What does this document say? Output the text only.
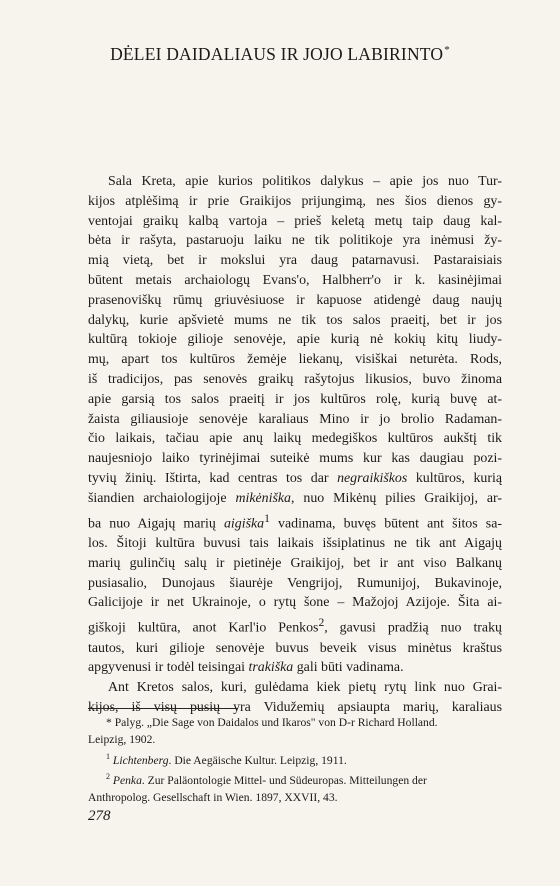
DĖLEI DAIDALIAUS IR JOJO LABIRINTO*

Sala Kreta, apie kurios politikos dalykus – apie jos nuo Tur-
kijos atplėšimą ir prie Graikijos prijungimą, nes šios dienos gy-
ventojai graikų kalbą vartoja – prieš keletą metų taip daug kal-
bėta ir rašyta, pastaruoju laiku ne tik politikoje yra inėmusi žy-
mią vietą, bet ir mokslui yra daug patarnavusi. Pastaraisiais
būtent metais archaiologų Evans'o, Halbherr'o ir k. kasinėjimai
prasenoviškų rūmų griuvėsiuose ir kapuose atidengė daug naujų
dalykų, kurie apšvietė mums ne tik tos salos praeitį, bet ir jos
kultūrą tokioje gilioje senovėje, apie kurią nė kokių kitų liudy-
mų, apart tos kultūros žemėje liekanų, visiškai neturėta. Rods,
iš tradicijos, pas senovės graikų rašytojus likusios, buvo žinoma
apie garsią tos salos praeitį ir jos kultūros rolę, kurią buvę at-
žaista giliausioje senovėje karaliaus Mino ir jo brolio Radaman-
čio laikais, tačiau apie anų laikų medegiškos kultūros aukštį tik
naujesniojo laiko tyrinėjimai suteikė mums kur kas daugiau pozi-
tyvių žinių. Ištirta, kad centras tos dar negraikiškos kultūros, kurią
šiandien archaiologijoje mikėniška, nuo Mikėnų pilies Graikijoj, ar-
ba nuo Aigajų marių aigiška$^1$ vadinama, buvęs būtent ant šitos sa-
los. Šitoji kultūra buvusi tais laikais išsiplatinus ne tik ant Aigajų
marių gulinčių salų ir pietinėje Graikijoj, bet ir ant viso Balkanų
pusiasalio, Dunojaus šiaurėje Vengrijoj, Rumunijoj, Bukavinoje,
Galicijoje ir net Ukrainoje, o rytų šone – Mažojoj Azijoje. Šita ai-
giškoji kultūra, anot Karl'io Penkos$^2$, gavusi pradžią nuo trakų
tautos, kuri gilioje senovėje buvus beveik visus minėtus kraštus
apgyvenusi ir todėl teisingai trakiška gali būti vadinama.

Ant Kretos salos, kuri, gulėdama kiek pietų rytų link nuo Grai-
kijos, iš visų pusių yra Vidužemių apsiaupta marių, karaliaus

* Palyg. „Die Sage von Daidalos und Ikaros" von D-r Richard Holland.
Leipzig, 1902.
$^1$ Lichtenberg. Die Aegäische Kultur. Leipzig, 1911.
$^2$ Penka. Zur Paläontologie Mittel- und Südeuropas. Mitteilungen der
Anthropolog. Gesellschaft in Wien. 1897, XXVII, 43.
278
